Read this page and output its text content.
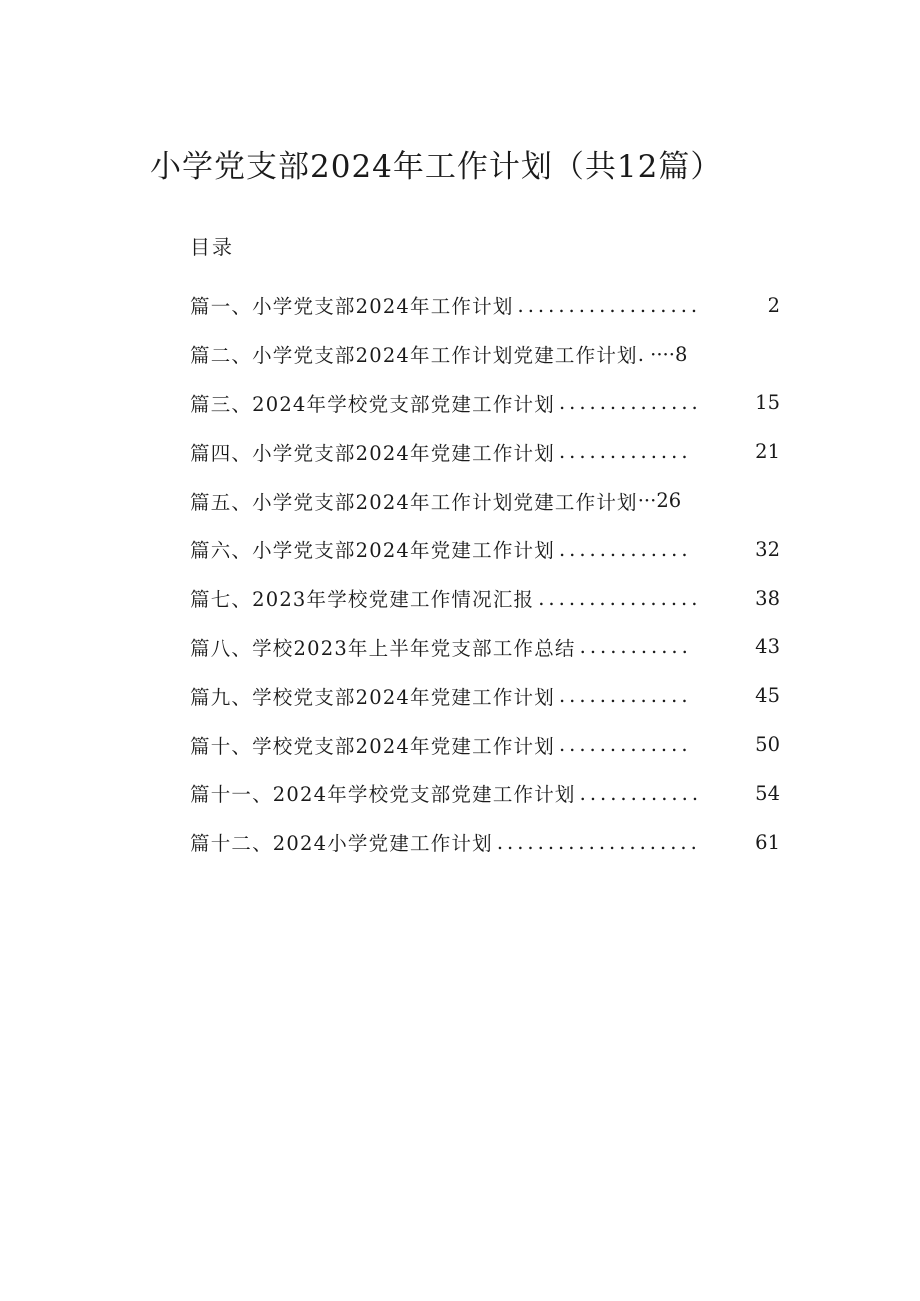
小学党支部2024年工作计划（共12篇）
目录
篇一、小学党支部2024年工作计划 ..................	2
篇二、小学党支部2024年工作计划党建工作计划 . ···· 8
篇三、2024年学校党支部党建工作计划 ..............	15
篇四、小学党支部2024年党建工作计划 .............	21
篇五、小学党支部2024年工作计划党建工作计划 ··· 26
篇六、小学党支部2024年党建工作计划 .............	32
篇七、2023年学校党建工作情况汇报 ................	38
篇八、学校2023年上半年党支部工作总结 ...........	43
篇九、学校党支部2024年党建工作计划 .............	45
篇十、学校党支部2024年党建工作计划 .............	50
篇十一、2024年学校党支部党建工作计划 ............	54
篇十二、2024小学党建工作计划 ....................	61
